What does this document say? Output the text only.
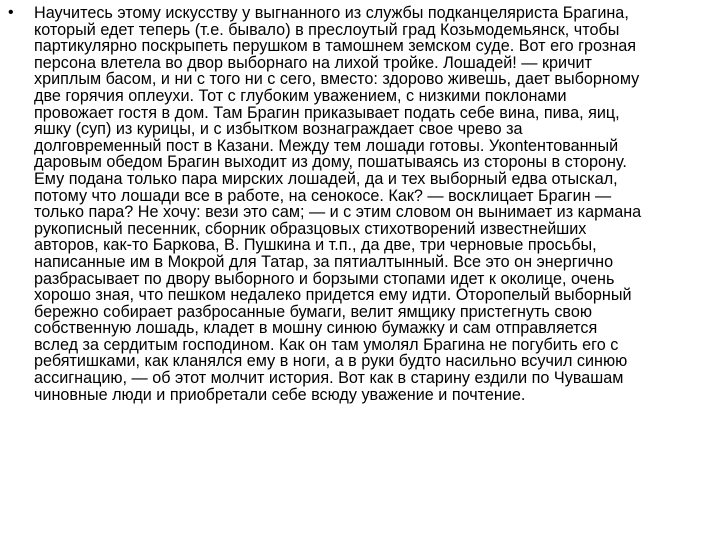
•	Научитесь этому искусству у выгнанного из службы подканцеляриста Брагина,
который едет теперь (т.е. бывало) в преслоутый град Козьмодемьянск, чтобы
партикулярно поскрыпеть перушком в тамошнем земском суде. Вот его грозная
персона влетела во двор выборнаго на лихой тройке. Лошадей! — кричит
хриплым басом, и ни с того ни с сего, вместо: здорово живешь, дает выборному
две горячия оплеухи. Тот с глубоким уважением, с низкими поклонами
провожает гостя в дом. Там Брагин приказывает подать себе вина, пива, яиц,
яшку (суп) из курицы, и с избытком вознаграждает свое чрево за
долговременный пост в Казани. Между тем лошади готовы. Укontентованный
даровым обедом Брагин выходит из дому, пошатываясь из стороны в сторону.
Ему подана только пара мирских лошадей, да и тех выборный едва отыскал,
потому что лошади все в работе, на сенокосе. Как? — восклицает Брагин —
только пара? Не хочу: вези это сам; — и с этим словом он вынимает из кармана
рукописный песенник, сборник образцовых стихотворений известнейших
авторов, как-то Баркова, В. Пушкина и т.п., да две, три черновые просьбы,
написанные им в Мокрой для Татар, за пятиалтынный. Все это он энергично
разбрасывает по двору выборного и борзыми стопами идет к околице, очень
хорошо зная, что пешком недалеко придется ему идти. Оторопелый выборный
бережно собирает разбросанные бумаги, велит ямщику пристегнуть свою
собственную лошадь, кладет в мошну синюю бумажку и сам отправляется
вслед за сердитым господином. Как он там умолял Брагина не погубить его с
ребятишками, как кланялся ему в ноги, а в руки будто насильно всучил синюю
ассигнацию, — об этот молчит история. Вот как в старину ездили по Чувашам
чиновные люди и приобретали себе всюду уважение и почтение.
